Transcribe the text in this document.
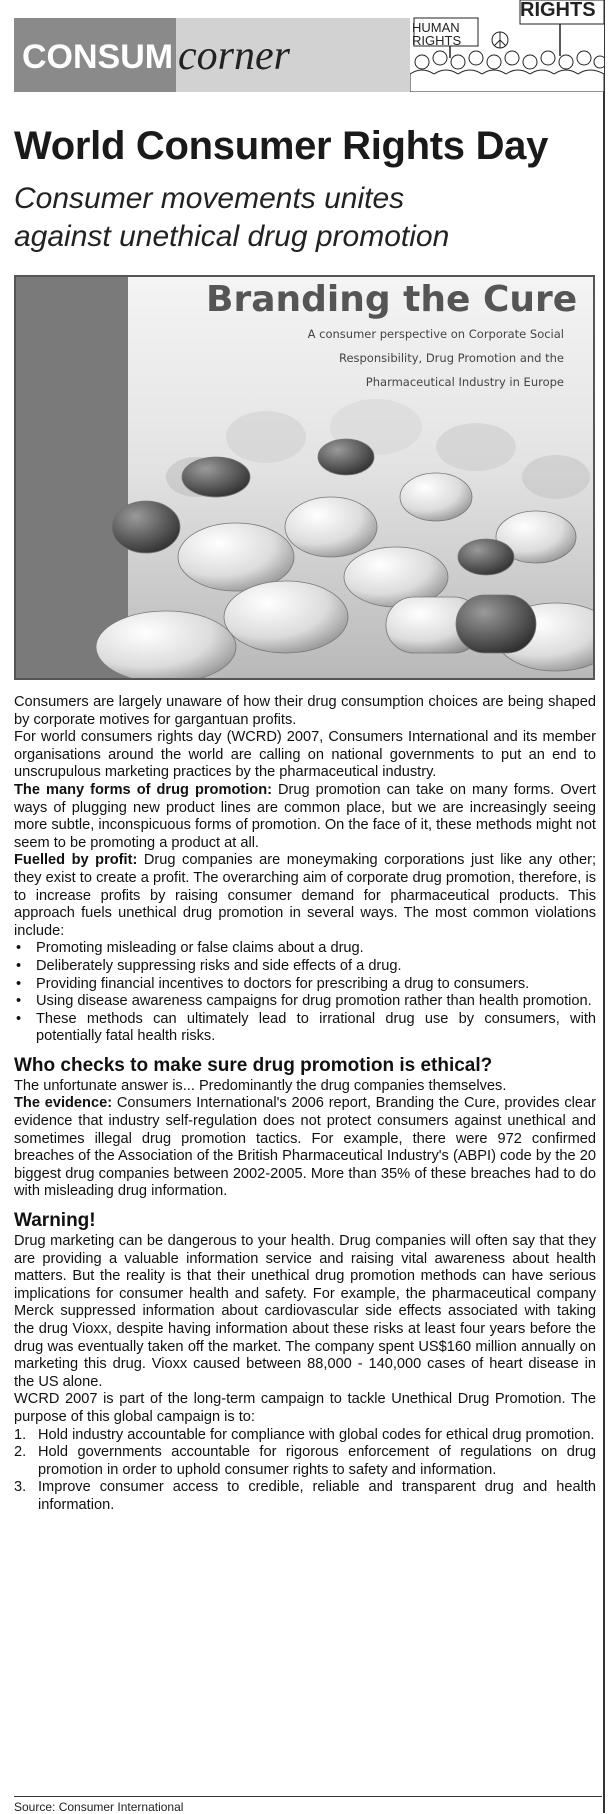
CONSUM corner
HUMAN
RIGHTS
RIGHTS
World Consumer Rights Day
Consumer movements unites
against unethical drug promotion
Branding the Cure
A consumer perspective on Corporate Social
Responsibility, Drug Promotion and the
Pharmaceutical Industry in Europe

Consumers are largely unaware of how their drug consumption choices are being shaped by corporate motives for gargantuan profits.

For world consumers rights day (WCRD) 2007, Consumers International and its member organisations around the world are calling on national governments to put an end to unscrupulous marketing practices by the pharmaceutical industry.

The many forms of drug promotion: Drug promotion can take on many forms. Overt ways of plugging new product lines are common place, but we are increasingly seeing more subtle, inconspicuous forms of promotion. On the face of it, these methods might not seem to be promoting a product at all.

Fuelled by profit: Drug companies are moneymaking corporations just like any other; they exist to create a profit. The overarching aim of corporate drug promotion, therefore, is to increase profits by raising consumer demand for pharmaceutical products. This approach fuels unethical drug promotion in several ways. The most common violations include:

• Promoting misleading or false claims about a drug.
• Deliberately suppressing risks and side effects of a drug.
• Providing financial incentives to doctors for prescribing a drug to consumers.
• Using disease awareness campaigns for drug promotion rather than health promotion.
• These methods can ultimately lead to irrational drug use by consumers, with potentially fatal health risks.
Who checks to make sure drug promotion is ethical?

The unfortunate answer is... Predominantly the drug companies themselves.

The evidence: Consumers International's 2006 report, Branding the Cure, provides clear evidence that industry self-regulation does not protect consumers against unethical and sometimes illegal drug promotion tactics. For example, there were 972 confirmed breaches of the Association of the British Pharmaceutical Industry's (ABPI) code by the 20 biggest drug companies between 2002-2005. More than 35% of these breaches had to do with misleading drug information.

Warning!

Drug marketing can be dangerous to your health. Drug companies will often say that they are providing a valuable information service and raising vital awareness about health matters. But the reality is that their unethical drug promotion methods can have serious implications for consumer health and safety. For example, the pharmaceutical company Merck suppressed information about cardiovascular side effects associated with taking the drug Vioxx, despite having information about these risks at least four years before the drug was eventually taken off the market. The company spent US$160 million annually on marketing this drug. Vioxx caused between 88,000 - 140,000 cases of heart disease in the US alone.

WCRD 2007 is part of the long-term campaign to tackle Unethical Drug Promotion. The purpose of this global campaign is to:

1. Hold industry accountable for compliance with global codes for ethical drug promotion.
2. Hold governments accountable for rigorous enforcement of regulations on drug promotion in order to uphold consumer rights to safety and information.
3. Improve consumer access to credible, reliable and transparent drug and health information.
Source: Consumer International
